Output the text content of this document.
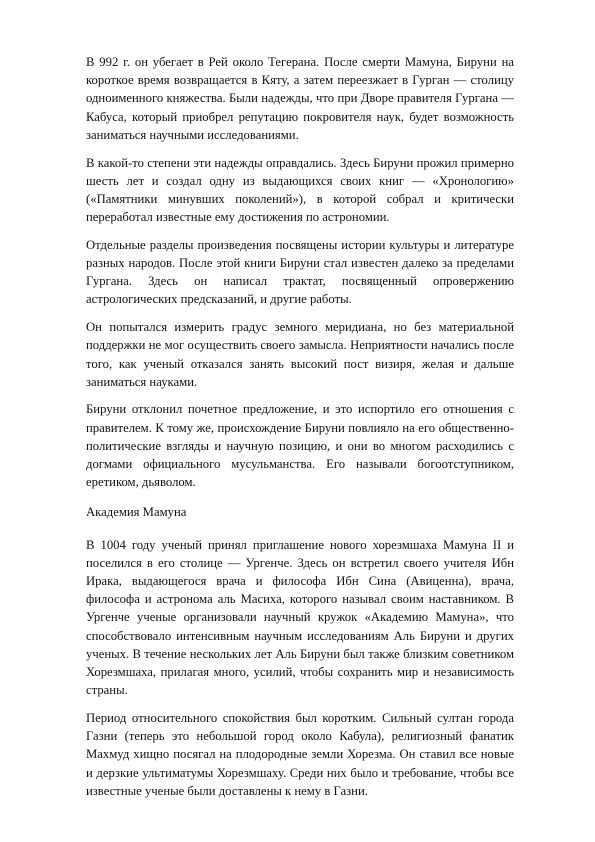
В 992 г. он убегает в Рей около Тегерана. После смерти Мамуна, Бируни на короткое время возвращается в Кяту, а затем переезжает в Гурган — столицу одноименного княжества. Были надежды, что при Дворе правителя Гургана — Кабуса, который приобрел репутацию покровителя наук, будет возможность заниматься научными исследованиями.

В какой-то степени эти надежды оправдались. Здесь Бируни прожил примерно шесть лет и создал одну из выдающихся своих книг — «Хронологию» («Памятники минувших поколений»), в которой собрал и критически переработал известные ему достижения по астрономии.

Отдельные разделы произведения посвящены истории культуры и литературе разных народов. После этой книги Бируни стал известен далеко за пределами Гургана. Здесь он написал трактат, посвященный опровержению астрологических предсказаний, и другие работы.

Он попытался измерить градус земного меридиана, но без материальной поддержки не мог осуществить своего замысла. Неприятности начались после того, как ученый отказался занять высокий пост визиря, желая и дальше заниматься науками.

Бируни отклонил почетное предложение, и это испортило его отношения с правителем. К тому же, происхождение Бируни повлияло на его общественно-политические взгляды и научную позицию, и они во многом расходились с догмами официального мусульманства. Его называли богоотступником, еретиком, дьяволом.

Академия Мамуна

В 1004 году ученый принял приглашение нового хорезмшаха Мамуна II и поселился в его столице — Ургенче. Здесь он встретил своего учителя Ибн Ирака, выдающегося врача и философа Ибн Сина (Авиценна), врача, философа и астронома аль Масиха, которого называл своим наставником. В Ургенче ученые организовали научный кружок «Академию Мамуна», что способствовало интенсивным научным исследованиям Аль Бируни и других ученых. В течение нескольких лет Аль Бируни был также близким советником Хорезмшаха, прилагая много, усилий, чтобы сохранить мир и независимость страны.

Период относительного спокойствия был коротким. Сильный султан города Газни (теперь это небольшой город около Кабула), религиозный фанатик Махмуд хищно посягал на плодородные земли Хорезма. Он ставил все новые и дерзкие ультиматумы Хорезмшаху. Среди них было и требование, чтобы все известные ученые были доставлены к нему в Газни.
